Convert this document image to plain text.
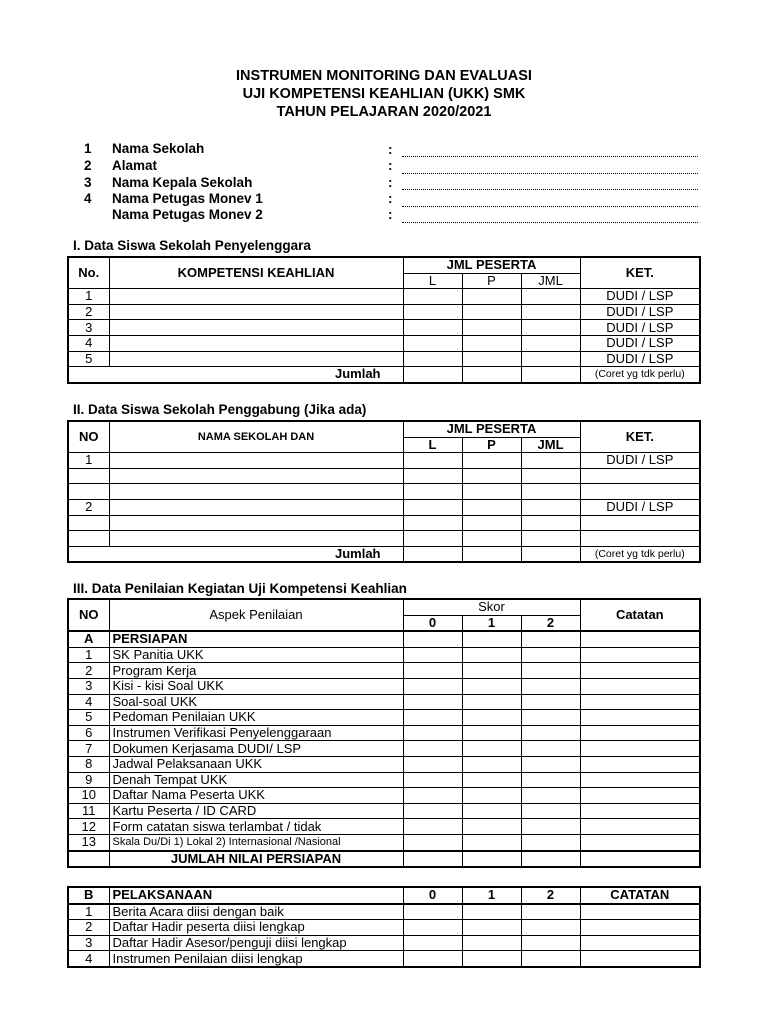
INSTRUMEN MONITORING DAN EVALUASI
UJI KOMPETENSI KEAHLIAN (UKK) SMK
TAHUN PELAJARAN 2020/2021
1	Nama Sekolah
2	Alamat
3	Nama Kepala Sekolah
4	Nama Petugas Monev 1
Nama Petugas Monev 2
:
:
:
:
:
I. Data Siswa Sekolah Penyelenggara
No.	KOMPETENSI KEAHLIAN	JML PESERTA			KET.
		L	P	JML	
1					DUDI / LSP
2					DUDI / LSP
3					DUDI / LSP
4					DUDI / LSP
5					DUDI / LSP
Jumlah					(Coret yg tdk perlu)
II. Data Siswa Sekolah Penggabung (Jika ada)
NO	NAMA SEKOLAH DAN	JML PESERTA			KET.
		L	P	JML	
1					DUDI / LSP

2					DUDI / LSP

Jumlah					(Coret yg tdk perlu)
III. Data Penilaian Kegiatan Uji Kompetensi Keahlian
NO	Aspek Penilaian	Skor			Catatan
		0	1	2	
A	PERSIAPAN				
1	SK Panitia UKK				
2	Program Kerja				
3	Kisi - kisi Soal UKK				
4	Soal-soal UKK				
5	Pedoman Penilaian UKK				
6	Instrumen Verifikasi Penyelenggaraan				
7	Dokumen Kerjasama DUDI/ LSP				
8	Jadwal Pelaksanaan UKK				
9	Denah Tempat UKK				
10	Daftar Nama Peserta UKK				
11	Kartu Peserta / ID CARD				
12	Form catatan siswa terlambat / tidak				
13	Skala Du/Di 1) Lokal 2) Internasional /Nasional				
	JUMLAH NILAI PERSIAPAN				
B	PELAKSANAAN	0	1	2	CATATAN
1	Berita Acara diisi dengan baik				
2	Daftar Hadir peserta diisi lengkap				
3	Daftar Hadir Asesor/penguji diisi lengkap				
4	Instrumen Penilaian diisi lengkap				
